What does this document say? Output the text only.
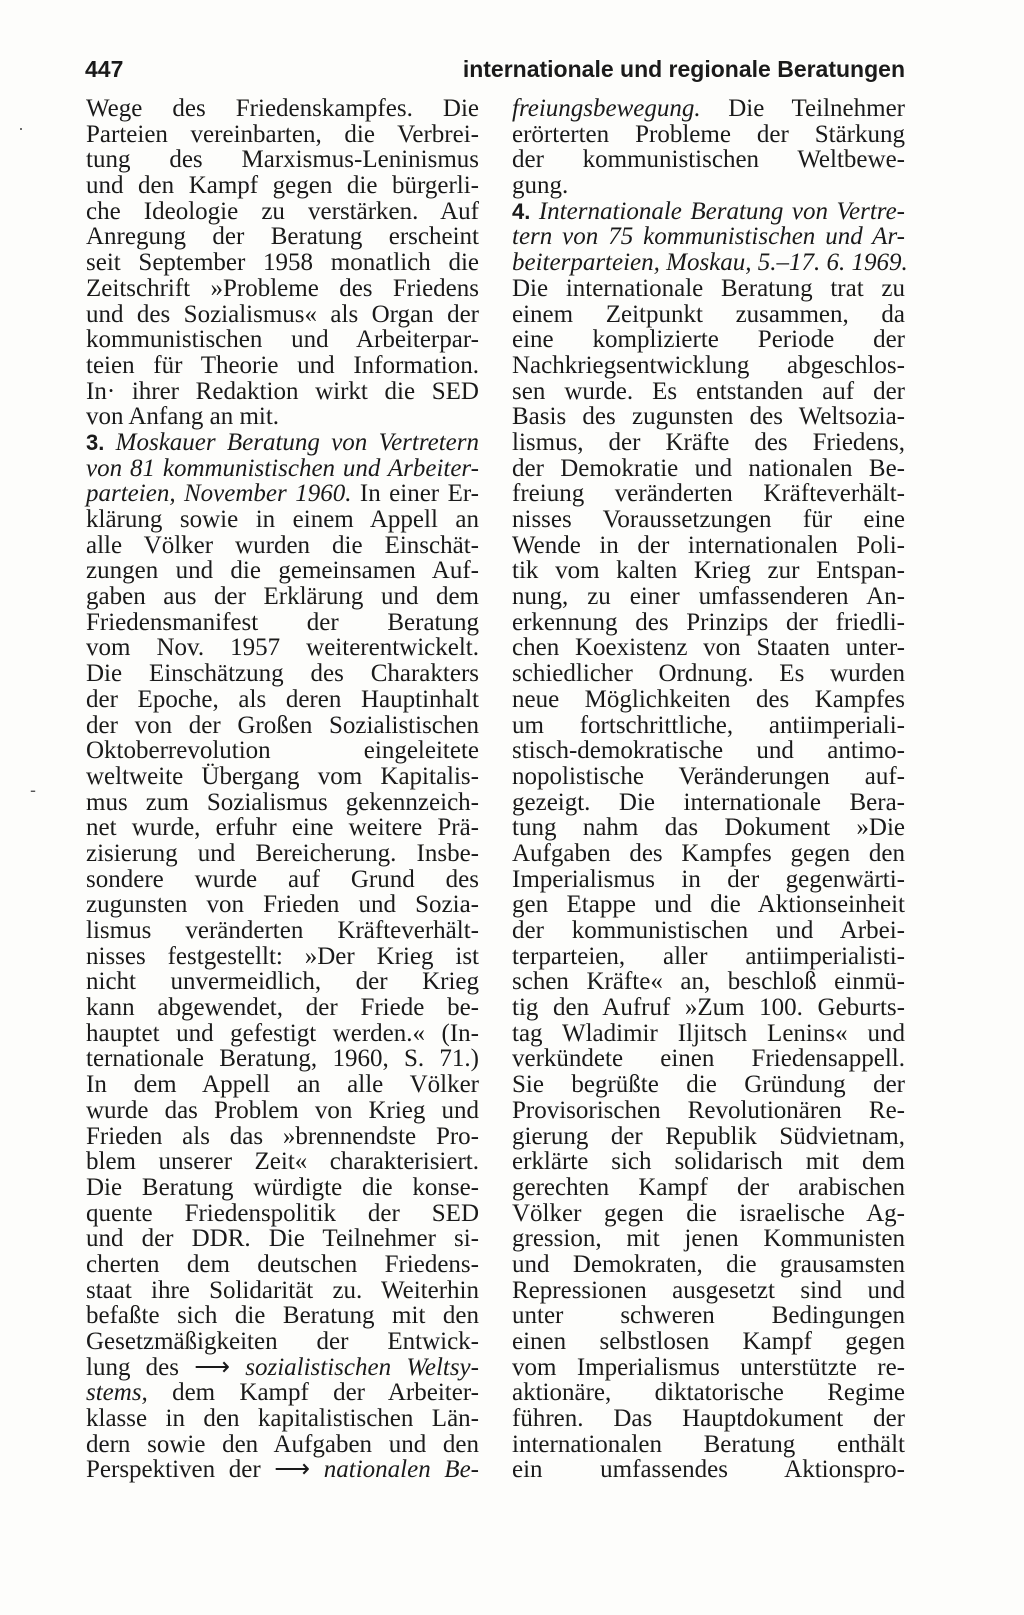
447	internationale und regionale Beratungen
·
-
Wege des Friedenskampfes. Die
Parteien vereinbarten, die Verbrei-
tung des Marxismus-Leninismus
und den Kampf gegen die bürgerli-
che Ideologie zu verstärken. Auf
Anregung der Beratung erscheint
seit September 1958 monatlich die
Zeitschrift »Probleme des Friedens
und des Sozialismus« als Organ der
kommunistischen und Arbeiterpar-
teien für Theorie und Information.
In· ihrer Redaktion wirkt die SED
von Anfang an mit.
3. Moskauer Beratung von Vertretern
von 81 kommunistischen und Arbeiter-
parteien, November 1960. In einer Er-
klärung sowie in einem Appell an
alle Völker wurden die Einschät-
zungen und die gemeinsamen Auf-
gaben aus der Erklärung und dem
Friedensmanifest der Beratung
vom Nov. 1957 weiterentwickelt.
Die Einschätzung des Charakters
der Epoche, als deren Hauptinhalt
der von der Großen Sozialistischen
Oktoberrevolution eingeleitete
weltweite Übergang vom Kapitalis-
mus zum Sozialismus gekennzeich-
net wurde, erfuhr eine weitere Prä-
zisierung und Bereicherung. Insbe-
sondere wurde auf Grund des
zugunsten von Frieden und Sozia-
lismus veränderten Kräfteverhält-
nisses festgestellt: »Der Krieg ist
nicht unvermeidlich, der Krieg
kann abgewendet, der Friede be-
hauptet und gefestigt werden.« (In-
ternationale Beratung, 1960, S. 71.)
In dem Appell an alle Völker
wurde das Problem von Krieg und
Frieden als das »brennendste Pro-
blem unserer Zeit« charakterisiert.
Die Beratung würdigte die konse-
quente Friedenspolitik der SED
und der DDR. Die Teilnehmer si-
cherten dem deutschen Friedens-
staat ihre Solidarität zu. Weiterhin
befaßte sich die Beratung mit den
Gesetzmäßigkeiten der Entwick-
lung des ⟶ sozialistischen Weltsy-
stems, dem Kampf der Arbeiter-
klasse in den kapitalistischen Län-
dern sowie den Aufgaben und den
Perspektiven der ⟶ nationalen Be-
freiungsbewegung. Die Teilnehmer
erörterten Probleme der Stärkung
der kommunistischen Weltbewe-
gung.
4. Internationale Beratung von Vertre-
tern von 75 kommunistischen und Ar-
beiterparteien, Moskau, 5.–17. 6. 1969.
Die internationale Beratung trat zu
einem Zeitpunkt zusammen, da
eine komplizierte Periode der
Nachkriegsentwicklung abgeschlos-
sen wurde. Es entstanden auf der
Basis des zugunsten des Weltsozia-
lismus, der Kräfte des Friedens,
der Demokratie und nationalen Be-
freiung veränderten Kräfteverhält-
nisses Voraussetzungen für eine
Wende in der internationalen Poli-
tik vom kalten Krieg zur Entspan-
nung, zu einer umfassenderen An-
erkennung des Prinzips der friedli-
chen Koexistenz von Staaten unter-
schiedlicher Ordnung. Es wurden
neue Möglichkeiten des Kampfes
um fortschrittliche, antiimperiali-
stisch-demokratische und antimo-
nopolistische Veränderungen auf-
gezeigt. Die internationale Bera-
tung nahm das Dokument »Die
Aufgaben des Kampfes gegen den
Imperialismus in der gegenwärti-
gen Etappe und die Aktionseinheit
der kommunistischen und Arbei-
terparteien, aller antiimperialisti-
schen Kräfte« an, beschloß einmü-
tig den Aufruf »Zum 100. Geburts-
tag Wladimir Iljitsch Lenins« und
verkündete einen Friedensappell.
Sie begrüßte die Gründung der
Provisorischen Revolutionären Re-
gierung der Republik Südvietnam,
erklärte sich solidarisch mit dem
gerechten Kampf der arabischen
Völker gegen die israelische Ag-
gression, mit jenen Kommunisten
und Demokraten, die grausamsten
Repressionen ausgesetzt sind und
unter schweren Bedingungen
einen selbstlosen Kampf gegen
vom Imperialismus unterstützte re-
aktionäre, diktatorische Regime
führen. Das Hauptdokument der
internationalen Beratung enthält
ein umfassendes Aktionspro-
